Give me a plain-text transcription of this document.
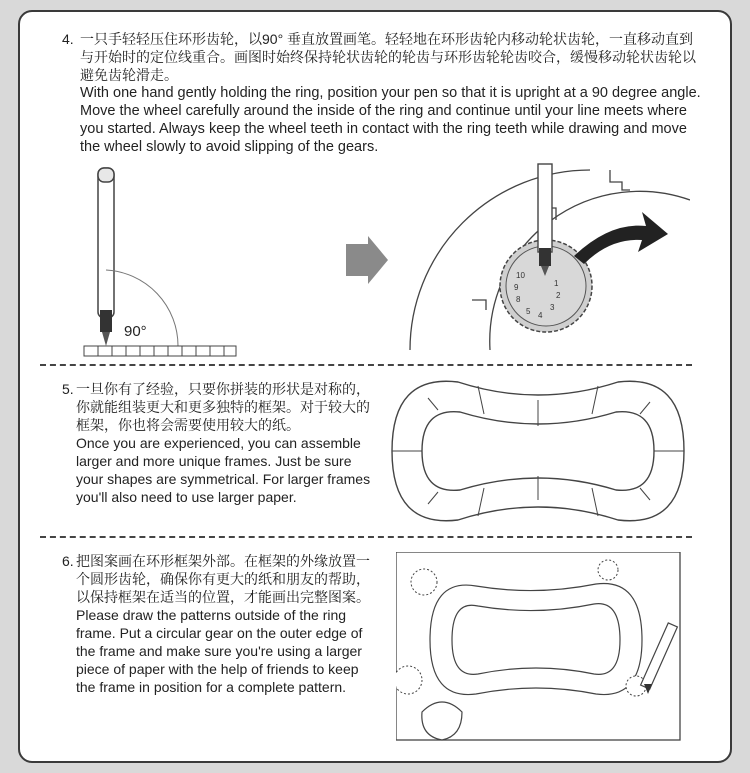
4. 一只手轻轻压住环形齿轮，以90° 垂直放置画笔。轻轻地在环形齿轮内移动轮状齿轮，一直移动直到与开始时的定位线重合。画图时始终保持轮状齿轮的轮齿与环形齿轮轮齿咬合，缓慢移动轮状齿轮以避免齿轮滑走。

With one hand gently holding the ring, position your pen so that it is upright at a 90 degree angle. Move the wheel carefully around the inside of the ring and continue until your line meets where you started. Always keep the wheel teeth in contact with the ring teeth while drawing and move the wheel slowly to avoid slipping of the gears.

90°
10
9
8
5 4
3
2
1
5. 一旦你有了经验，只要你拼装的形状是对称的，你就能组装更大和更多独特的框架。对于较大的框架，你也将会需要使用较大的纸。

Once you are experienced, you can assemble larger and more unique frames. Just be sure your shapes are symmetrical. For larger frames you'll also need to use larger paper.

6. 把图案画在环形框架外部。在框架的外缘放置一个圆形齿轮，确保你有更大的纸和朋友的帮助，以保持框架在适当的位置，才能画出完整图案。

Please draw the patterns outside of the ring frame. Put a circular gear on the outer edge of the frame and make sure you're using a larger piece of paper with the help of friends to keep the frame in position for a complete pattern.
